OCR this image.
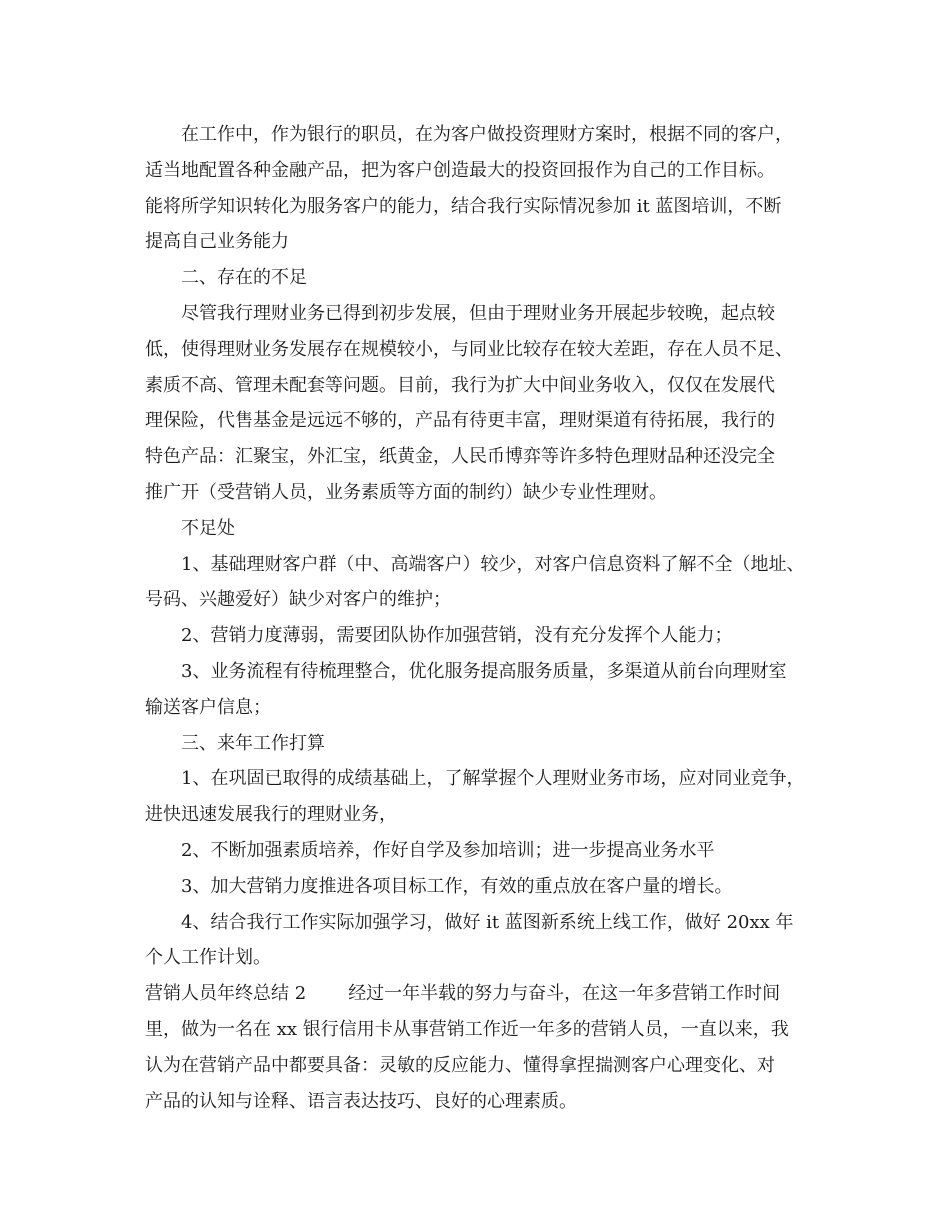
在工作中，作为银行的职员，在为客户做投资理财方案时，根据不同的客户，
适当地配置各种金融产品，把为客户创造最大的投资回报作为自己的工作目标。
能将所学知识转化为服务客户的能力，结合我行实际情况参加 it 蓝图培训，不断
提高自己业务能力
二、存在的不足
尽管我行理财业务已得到初步发展，但由于理财业务开展起步较晚，起点较
低，使得理财业务发展存在规模较小，与同业比较存在较大差距，存在人员不足、
素质不高、管理未配套等问题。目前，我行为扩大中间业务收入，仅仅在发展代
理保险，代售基金是远远不够的，产品有待更丰富，理财渠道有待拓展，我行的
特色产品：汇聚宝，外汇宝，纸黄金，人民币博弈等许多特色理财品种还没完全
推广开（受营销人员，业务素质等方面的制约）缺少专业性理财。
不足处
1、基础理财客户群（中、高端客户）较少，对客户信息资料了解不全（地址、
号码、兴趣爱好）缺少对客户的维护；
2、营销力度薄弱，需要团队协作加强营销，没有充分发挥个人能力；
3、业务流程有待梳理整合，优化服务提高服务质量，多渠道从前台向理财室
输送客户信息；
三、来年工作打算
1、在巩固已取得的成绩基础上，了解掌握个人理财业务市场，应对同业竞争，
进快迅速发展我行的理财业务，
2、不断加强素质培养，作好自学及参加培训；进一步提高业务水平
3、加大营销力度推进各项目标工作，有效的重点放在客户量的增长。
4、结合我行工作实际加强学习，做好 it 蓝图新系统上线工作，做好 20xx 年
个人工作计划。
营销人员年终总结 2 经过一年半载的努力与奋斗，在这一年多营销工作时间
里，做为一名在 xx 银行信用卡从事营销工作近一年多的营销人员，一直以来，我
认为在营销产品中都要具备：灵敏的反应能力、懂得拿捏揣测客户心理变化、对
产品的认知与诠释、语言表达技巧、良好的心理素质。
